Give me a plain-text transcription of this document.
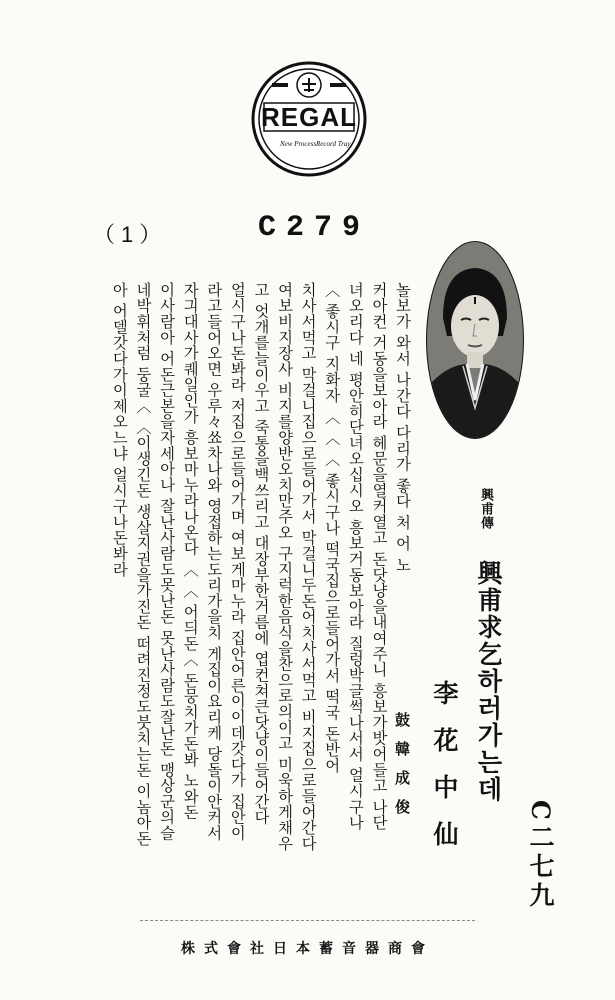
REGAL
New Process Record Tray
（1）	C279
興甫傳
興甫求乞하러가는데
李花中仙
鼓韓成俊
C二七九

놀보가 와서 나간다 다리가 좋다 처 어 노

커아컨 거동을보아라 헤문을열커열고 돈닷냥을내여주니 흥보가밧어들고 나단

녀오리다 네 평안히단녀오십시오 흥보거동보아라 질렁박글썩나서서 얼시구나

〈 좋시구 지화자 〈 〈 〈 좋시구나 떡국집으로들어가서 떡국 돈반어

치사서먹고 막걸니집으로들어가서 막걸니두돈어치사서먹고 비지집으로들어간다

여보비지장사 비지를양반오치만주오 구지럭한음식을찬으로의이고 미욱하게채우

고 엇개를늘이우고 죽통을백쓰리고 대장부한거름에 엽컨쳐큰닷냥이들어간다

얼시구나돈봐라 저집으로들어가며 여보게마누라 집안어른이이데갓다가 집안이

라고들어오면 우루々쑈차나와 영접하는도리가을치 게집이요리케 당돌이안커서

자긔대사가퀘일인가 흥보마누라나온다 〈 〈 어듸돈〈 돈뭉치가돈봐 노와돈

이사람아 어돈근본을자세아나 잘난사람도못난돈 못난사람도잘난돈 맹상군의슬

네박휘처럼 둥굴〈 〈이생긴돈 생살지권을가진돈 떠려진정도붓치는돈 이놈아돈

아 어델갓다가이제오느냐 얼시구나돈봐라

株式會社日本蓄音器商會
